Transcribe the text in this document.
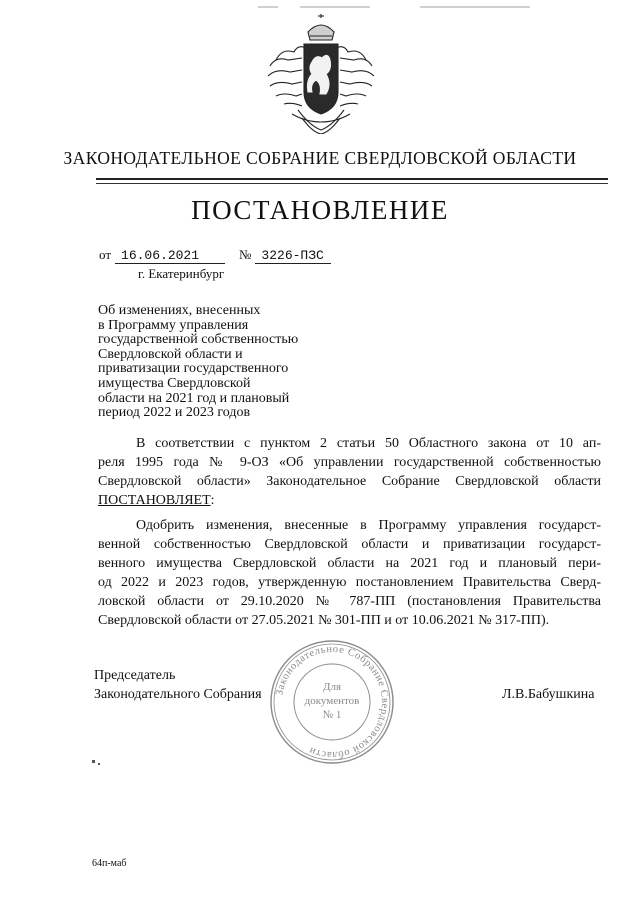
ЗАКОНОДАТЕЛЬНОЕ СОБРАНИЕ СВЕРДЛОВСКОЙ ОБЛАСТИ
ПОСТАНОВЛЕНИЕ
от 16.06.2021	№ 3226-ПЗС
г. Екатеринбург
Об изменениях, внесенных
в Программу управления
государственной собственностью
Свердловской области и
приватизации государственного
имущества Свердловской
области на 2021 год и плановый
период 2022 и 2023 годов
В соответствии с пунктом 2 статьи 50 Областного закона от 10 ап-
реля 1995 года № 9-ОЗ «Об управлении государственной собственностью
Свердловской области» Законодательное Собрание Свердловской области
ПОСТАНОВЛЯЕТ:
Одобрить изменения, внесенные в Программу управления государст-
венной собственностью Свердловской области и приватизации государст-
венного имущества Свердловской области на 2021 год и плановый пери-
од 2022 и 2023 годов, утвержденную постановлением Правительства Сверд-
ловской области от 29.10.2020 № 787-ПП (постановления Правительства
Свердловской области от 27.05.2021 № 301-ПП и от 10.06.2021 № 317-ПП).
Законодательное Собрание Свердловской области
Для
документов
№ 1
Председатель
Законодательного Собрания	Л.В.Бабушкина
64п-маб
